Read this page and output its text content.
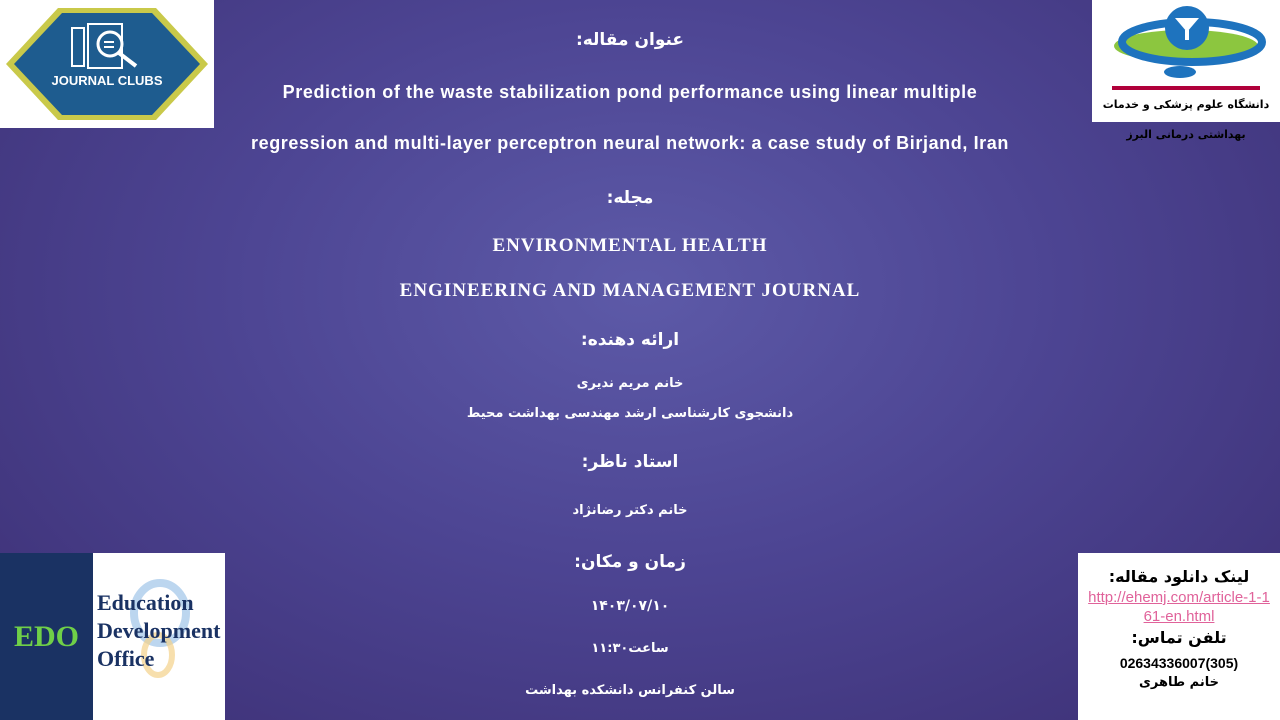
JOURNAL CLUBS
دانشگاه علوم پزشکی و خدمات بهداشتی درمانی البرز
عنوان مقاله:
Prediction of the waste stabilization pond performance using linear multiple
regression and multi-layer perceptron neural network: a case study of Birjand, Iran
مجله:
ENVIRONMENTAL HEALTH
ENGINEERING AND MANAGEMENT JOURNAL
ارائه دهنده:
خانم مریم ندیری
دانشجوی کارشناسی ارشد مهندسی بهداشت محیط
استاد ناظر:
خانم دکتر رضانژاد
زمان و مکان:
۱۴۰۳/۰۷/۱۰
ساعت۱۱:۳۰
سالن کنفرانس دانشکده بهداشت
EDO
Education
Development
Office
لینک دانلود مقاله:
http://ehemj.com/article-1-161-en.html
تلفن تماس:
02634336007(305)
خانم طاهری
